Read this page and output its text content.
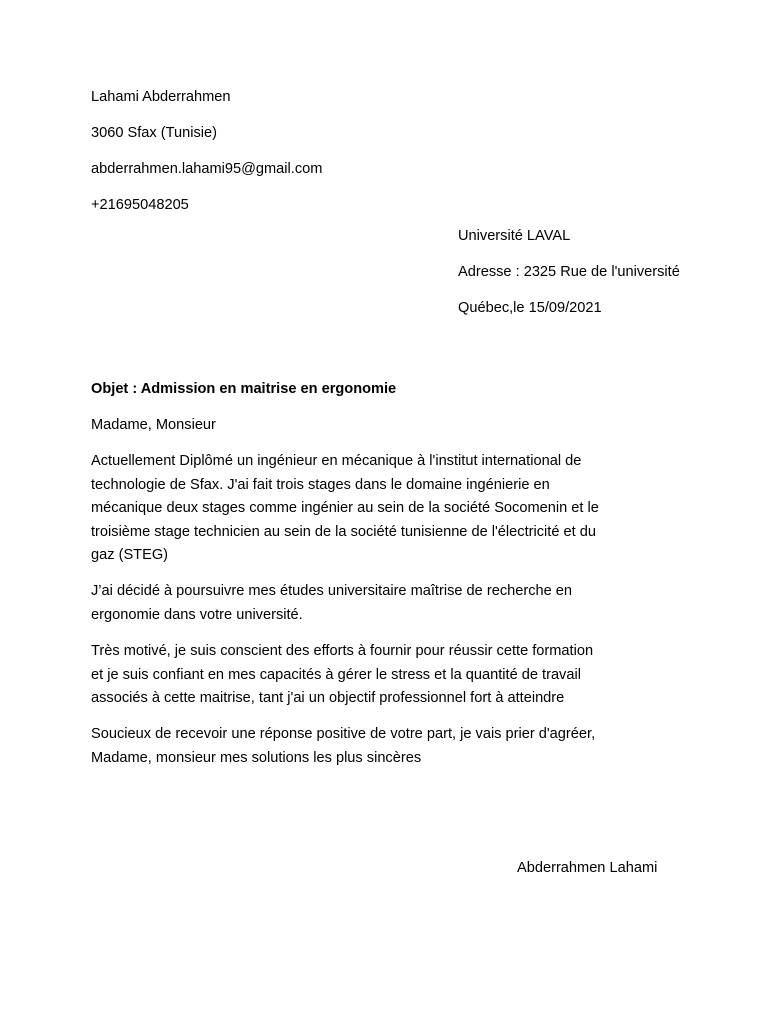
Lahami Abderrahmen
3060 Sfax (Tunisie)
abderrahmen.lahami95@gmail.com
+21695048205
Université LAVAL
Adresse : 2325 Rue de l'université
Québec,le 15/09/2021
Objet : Admission en maitrise en ergonomie
Madame, Monsieur
Actuellement Diplômé un ingénieur en mécanique à l'institut international de
technologie de Sfax. J'ai fait trois stages dans le domaine ingénierie en
mécanique deux stages comme ingénier au sein de la société Socomenin et le
troisième stage technicien au sein de la société tunisienne de l'électricité et du
gaz (STEG)
J’ai décidé à poursuivre mes études universitaire maîtrise de recherche en
ergonomie dans votre université.
Très motivé, je suis conscient des efforts à fournir pour réussir cette formation
et je suis confiant en mes capacités à gérer le stress et la quantité de travail
associés à cette maitrise, tant j'ai un objectif professionnel fort à atteindre
Soucieux de recevoir une réponse positive de votre part, je vais prier d'agréer,
Madame, monsieur mes solutions les plus sincères
Abderrahmen Lahami
